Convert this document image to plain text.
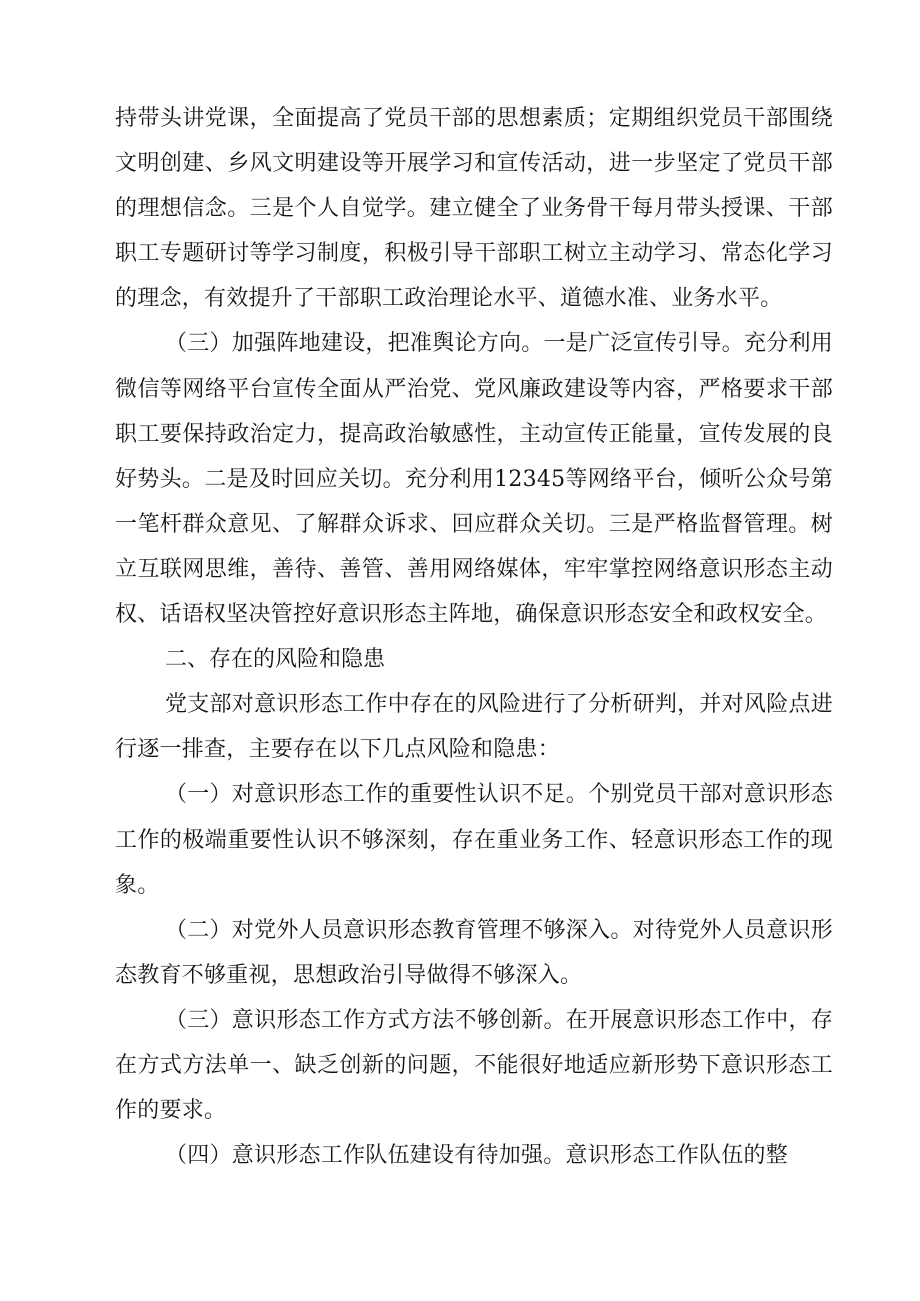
持带头讲党课，全面提高了党员干部的思想素质；定期组织党员干部围绕文明创建、乡风文明建设等开展学习和宣传活动，进一步坚定了党员干部的理想信念。三是个人自觉学。建立健全了业务骨干每月带头授课、干部职工专题研讨等学习制度，积极引导干部职工树立主动学习、常态化学习的理念，有效提升了干部职工政治理论水平、道德水准、业务水平。

（三）加强阵地建设，把准舆论方向。一是广泛宣传引导。充分利用微信等网络平台宣传全面从严治党、党风廉政建设等内容，严格要求干部职工要保持政治定力，提高政治敏感性，主动宣传正能量，宣传发展的良好势头。二是及时回应关切。充分利用12345等网络平台，倾听公众号第一笔杆群众意见、了解群众诉求、回应群众关切。三是严格监督管理。树立互联网思维，善待、善管、善用网络媒体，牢牢掌控网络意识形态主动权、话语权坚决管控好意识形态主阵地，确保意识形态安全和政权安全。

二、存在的风险和隐患

党支部对意识形态工作中存在的风险进行了分析研判，并对风险点进行逐一排查，主要存在以下几点风险和隐患：

（一）对意识形态工作的重要性认识不足。个别党员干部对意识形态工作的极端重要性认识不够深刻，存在重业务工作、轻意识形态工作的现象。

（二）对党外人员意识形态教育管理不够深入。对待党外人员意识形态教育不够重视，思想政治引导做得不够深入。

（三）意识形态工作方式方法不够创新。在开展意识形态工作中，存在方式方法单一、缺乏创新的问题，不能很好地适应新形势下意识形态工作的要求。

（四）意识形态工作队伍建设有待加强。意识形态工作队伍的整
